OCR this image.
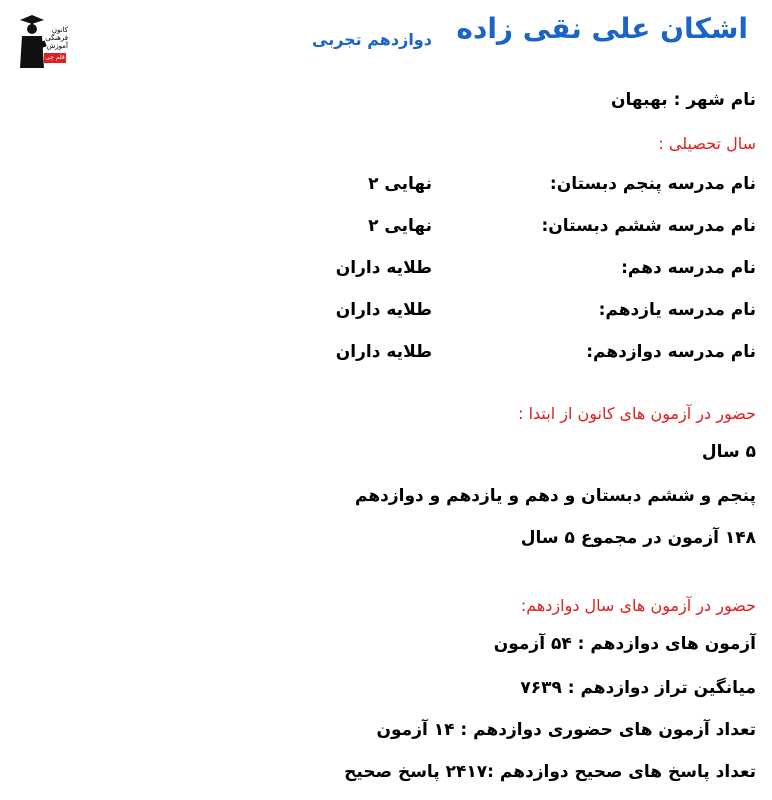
کانون
فرهنگی
آموزش
قلم چی
اشکان علی نقی زاده
دوازدهم تجربی
نام شهر : بهبهان
سال تحصیلی :
نام مدرسه پنجم دبستان:
نهایی ۲
نام مدرسه ششم دبستان:
نهایی ۲
نام مدرسه دهم:
طلایه داران
نام مدرسه یازدهم:
طلایه داران
نام مدرسه دوازدهم:
طلایه داران
حضور در آزمون های کانون از ابتدا :
۵ سال
پنجم و ششم دبستان و دهم و یازدهم و دوازدهم
۱۴۸ آزمون در مجموع ۵ سال
حضور در آزمون های سال دوازدهم:
آزمون های دوازدهم : ۵۴ آزمون
میانگین تراز دوازدهم : ۷۶۳۹
تعداد آزمون های حضوری دوازدهم : ۱۴ آزمون
تعداد پاسخ های صحیح دوازدهم :۲۴۱۷ پاسخ صحیح
